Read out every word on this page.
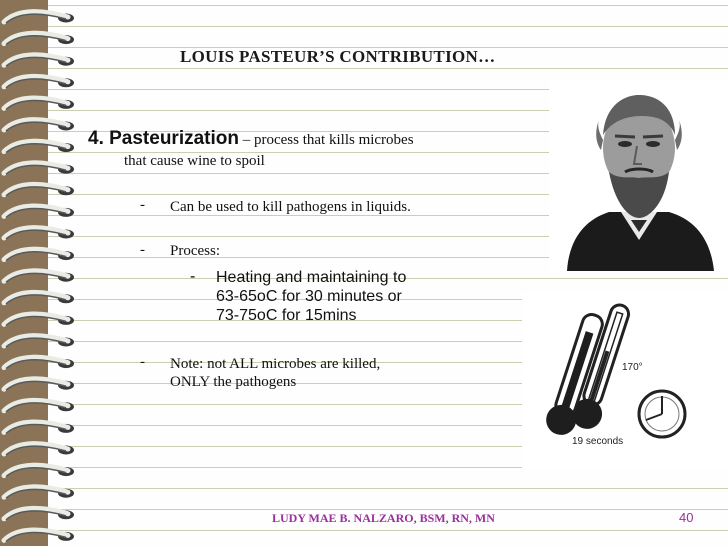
LOUIS PASTEUR’S CONTRIBUTION…
4. Pasteurization – process that kills microbes
that cause wine to spoil
- Can be used to kill pathogens in liquids.
- Process:
- Heating and maintaining to
63-65oC for 30 minutes or
73-75oC for 15mins
- Note: not ALL microbes are killed,
ONLY the pathogens
170°
19 seconds
LUDY MAE B. NALZARO, BSM, RN, MN	40
